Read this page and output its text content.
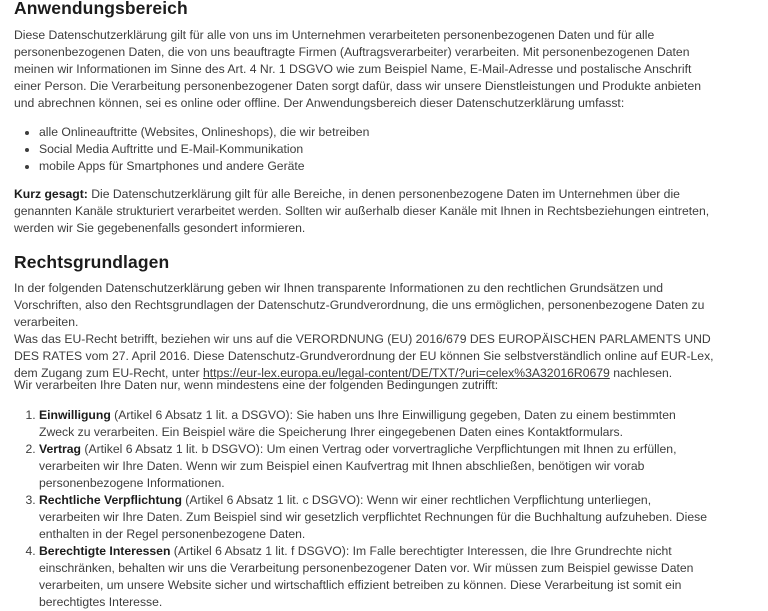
Anwendungsbereich

Diese Datenschutzerklärung gilt für alle von uns im Unternehmen verarbeiteten personenbezogenen Daten und für alle personenbezogenen Daten, die von uns beauftragte Firmen (Auftragsverarbeiter) verarbeiten. Mit personenbezogenen Daten meinen wir Informationen im Sinne des Art. 4 Nr. 1 DSGVO wie zum Beispiel Name, E-Mail-Adresse und postalische Anschrift einer Person. Die Verarbeitung personenbezogener Daten sorgt dafür, dass wir unsere Dienstleistungen und Produkte anbieten und abrechnen können, sei es online oder offline. Der Anwendungsbereich dieser Datenschutzerklärung umfasst:

• alle Onlineauftritte (Websites, Onlineshops), die wir betreiben
• Social Media Auftritte und E-Mail-Kommunikation
• mobile Apps für Smartphones und andere Geräte

Kurz gesagt: Die Datenschutzerklärung gilt für alle Bereiche, in denen personenbezogene Daten im Unternehmen über die genannten Kanäle strukturiert verarbeitet werden. Sollten wir außerhalb dieser Kanäle mit Ihnen in Rechtsbeziehungen eintreten, werden wir Sie gegebenenfalls gesondert informieren.

Rechtsgrundlagen

In der folgenden Datenschutzerklärung geben wir Ihnen transparente Informationen zu den rechtlichen Grundsätzen und Vorschriften, also den Rechtsgrundlagen der Datenschutz-Grundverordnung, die uns ermöglichen, personenbezogene Daten zu verarbeiten.

Was das EU-Recht betrifft, beziehen wir uns auf die VERORDNUNG (EU) 2016/679 DES EUROPÄISCHEN PARLAMENTS UND DES RATES vom 27. April 2016. Diese Datenschutz-Grundverordnung der EU können Sie selbstverständlich online auf EUR-Lex, dem Zugang zum EU-Recht, unter https://eur-lex.europa.eu/legal-content/DE/TXT/?uri=celex%3A32016R0679 nachlesen.

Wir verarbeiten Ihre Daten nur, wenn mindestens eine der folgenden Bedingungen zutrifft:

1. Einwilligung (Artikel 6 Absatz 1 lit. a DSGVO): Sie haben uns Ihre Einwilligung gegeben, Daten zu einem bestimmten Zweck zu verarbeiten. Ein Beispiel wäre die Speicherung Ihrer eingegebenen Daten eines Kontaktformulars.
2. Vertrag (Artikel 6 Absatz 1 lit. b DSGVO): Um einen Vertrag oder vorvertragliche Verpflichtungen mit Ihnen zu erfüllen, verarbeiten wir Ihre Daten. Wenn wir zum Beispiel einen Kaufvertrag mit Ihnen abschließen, benötigen wir vorab personenbezogene Informationen.
3. Rechtliche Verpflichtung (Artikel 6 Absatz 1 lit. c DSGVO): Wenn wir einer rechtlichen Verpflichtung unterliegen, verarbeiten wir Ihre Daten. Zum Beispiel sind wir gesetzlich verpflichtet Rechnungen für die Buchhaltung aufzuheben. Diese enthalten in der Regel personenbezogene Daten.
4. Berechtigte Interessen (Artikel 6 Absatz 1 lit. f DSGVO): Im Falle berechtigter Interessen, die Ihre Grundrechte nicht einschränken, behalten wir uns die Verarbeitung personenbezogener Daten vor. Wir müssen zum Beispiel gewisse Daten verarbeiten, um unsere Website sicher und wirtschaftlich effizient betreiben zu können. Diese Verarbeitung ist somit ein berechtigtes Interesse.
